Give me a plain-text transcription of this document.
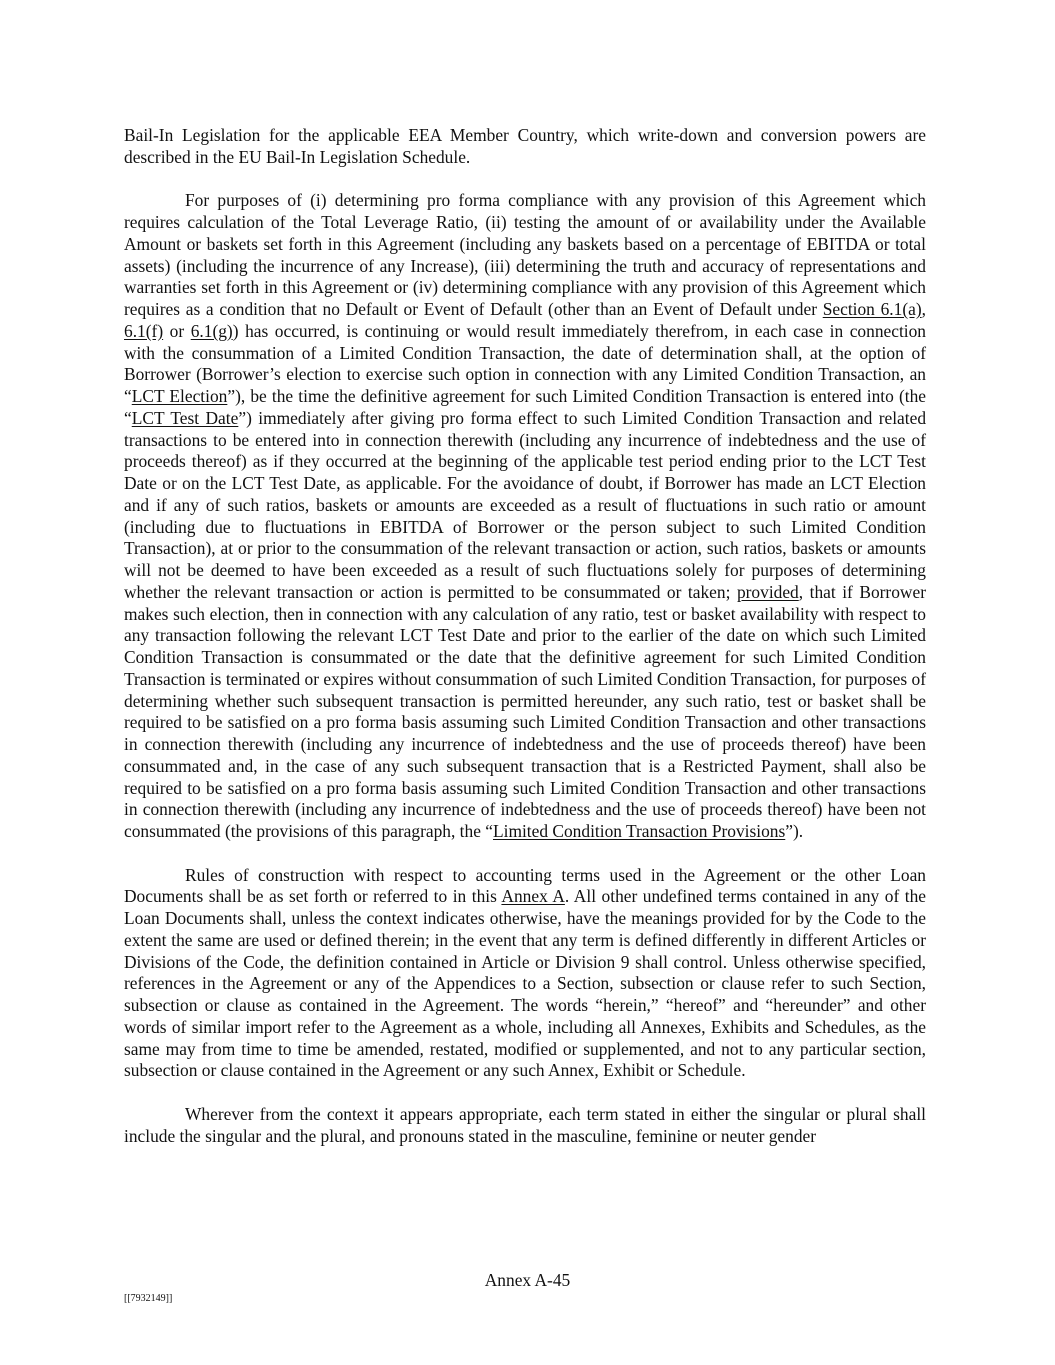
Bail-In Legislation for the applicable EEA Member Country, which write-down and conversion powers are described in the EU Bail-In Legislation Schedule.

For purposes of (i) determining pro forma compliance with any provision of this Agreement which requires calculation of the Total Leverage Ratio, (ii) testing the amount of or availability under the Available Amount or baskets set forth in this Agreement (including any baskets based on a percentage of EBITDA or total assets) (including the incurrence of any Increase), (iii) determining the truth and accuracy of representations and warranties set forth in this Agreement or (iv) determining compliance with any provision of this Agreement which requires as a condition that no Default or Event of Default (other than an Event of Default under Section 6.1(a), 6.1(f) or 6.1(g)) has occurred, is continuing or would result immediately therefrom, in each case in connection with the consummation of a Limited Condition Transaction, the date of determination shall, at the option of Borrower (Borrower’s election to exercise such option in connection with any Limited Condition Transaction, an “LCT Election”), be the time the definitive agreement for such Limited Condition Transaction is entered into (the “LCT Test Date”) immediately after giving pro forma effect to such Limited Condition Transaction and related transactions to be entered into in connection therewith (including any incurrence of indebtedness and the use of proceeds thereof) as if they occurred at the beginning of the applicable test period ending prior to the LCT Test Date or on the LCT Test Date, as applicable. For the avoidance of doubt, if Borrower has made an LCT Election and if any of such ratios, baskets or amounts are exceeded as a result of fluctuations in such ratio or amount (including due to fluctuations in EBITDA of Borrower or the person subject to such Limited Condition Transaction), at or prior to the consummation of the relevant transaction or action, such ratios, baskets or amounts will not be deemed to have been exceeded as a result of such fluctuations solely for purposes of determining whether the relevant transaction or action is permitted to be consummated or taken; provided, that if Borrower makes such election, then in connection with any calculation of any ratio, test or basket availability with respect to any transaction following the relevant LCT Test Date and prior to the earlier of the date on which such Limited Condition Transaction is consummated or the date that the definitive agreement for such Limited Condition Transaction is terminated or expires without consummation of such Limited Condition Transaction, for purposes of determining whether such subsequent transaction is permitted hereunder, any such ratio, test or basket shall be required to be satisfied on a pro forma basis assuming such Limited Condition Transaction and other transactions in connection therewith (including any incurrence of indebtedness and the use of proceeds thereof) have been consummated and, in the case of any such subsequent transaction that is a Restricted Payment, shall also be required to be satisfied on a pro forma basis assuming such Limited Condition Transaction and other transactions in connection therewith (including any incurrence of indebtedness and the use of proceeds thereof) have been not consummated (the provisions of this paragraph, the “Limited Condition Transaction Provisions”).

Rules of construction with respect to accounting terms used in the Agreement or the other Loan Documents shall be as set forth or referred to in this Annex A. All other undefined terms contained in any of the Loan Documents shall, unless the context indicates otherwise, have the meanings provided for by the Code to the extent the same are used or defined therein; in the event that any term is defined differently in different Articles or Divisions of the Code, the definition contained in Article or Division 9 shall control. Unless otherwise specified, references in the Agreement or any of the Appendices to a Section, subsection or clause refer to such Section, subsection or clause as contained in the Agreement. The words “herein,” “hereof” and “hereunder” and other words of similar import refer to the Agreement as a whole, including all Annexes, Exhibits and Schedules, as the same may from time to time be amended, restated, modified or supplemented, and not to any particular section, subsection or clause contained in the Agreement or any such Annex, Exhibit or Schedule.

Wherever from the context it appears appropriate, each term stated in either the singular or plural shall include the singular and the plural, and pronouns stated in the masculine, feminine or neuter gender

Annex A-45
[[7932149]]
